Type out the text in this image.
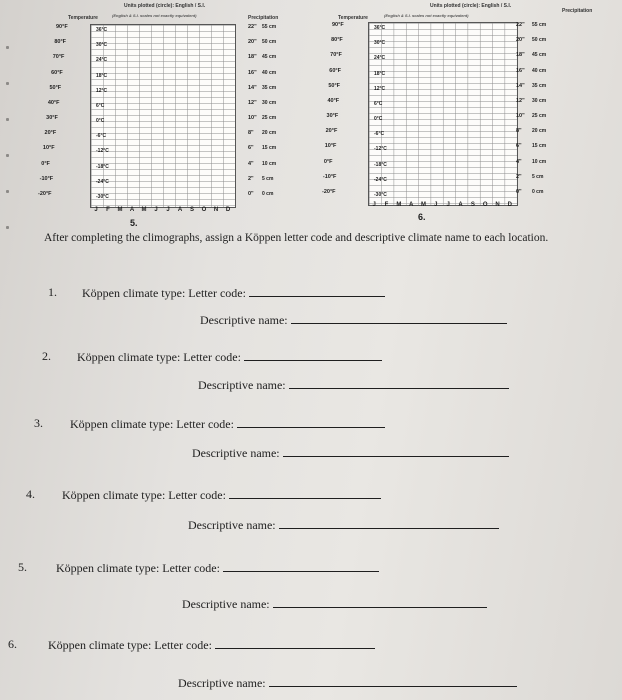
Units plotted (circle): English / S.I.
Temperature	(English & S.I. scales not exactly equivalent)	Precipitation
J	F	M	A	M	J	J	A	S	O	N	D
5.
90°F
80°F
70°F
60°F
50°F
40°F
30°F
20°F
10°F
0°F
-10°F
-20°F
36°C
30°C
24°C
18°C
12°C
6°C
0°C
-6°C
-12°C
-18°C
-24°C
-30°C
22"
20"
18"
16"
14"
12"
10"
8"
6"
4"
2"
0"
55 cm
50 cm
45 cm
40 cm
35 cm
30 cm
25 cm
20 cm
15 cm
10 cm
5 cm
0 cm
Units plotted (circle): English / S.I.
Temperature	(English & S.I. scales not exactly equivalent)
Precipitation
J	F	M	A	M	J	J	A	S	O	N	D
6.
90°F
80°F
70°F
60°F
50°F
40°F
30°F
20°F
10°F
0°F
-10°F
-20°F
36°C
30°C
24°C
18°C
12°C
6°C
0°C
-6°C
-12°C
-18°C
-24°C
-30°C
22"
20"
18"
16"
14"
12"
10"
8"
6"
4"
2"
0"
55 cm
50 cm
45 cm
40 cm
35 cm
30 cm
25 cm
20 cm
15 cm
10 cm
5 cm
0 cm

After completing the climographs, assign a Köppen letter code and descriptive climate name to each location.

1. Köppen climate type: Letter code:
Descriptive name:
2. Köppen climate type: Letter code:
Descriptive name:
3. Köppen climate type: Letter code:
Descriptive name:
4. Köppen climate type: Letter code:
Descriptive name:
5. Köppen climate type: Letter code:
Descriptive name:
6.	Köppen climate type: Letter code:
Descriptive name:
